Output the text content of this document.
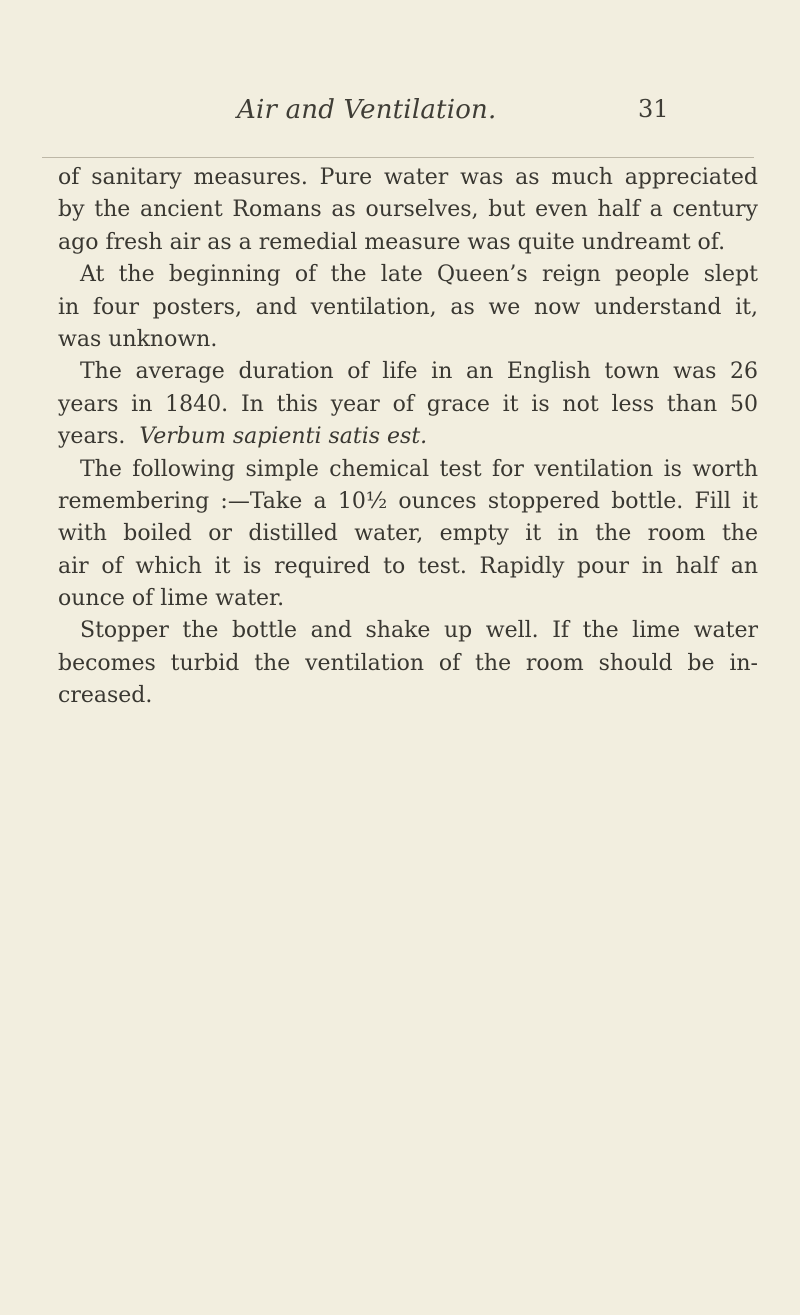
Air and Ventilation.	31
of sanitary measures. Pure water was as much appreciated
by the ancient Romans as ourselves, but even half a century
ago fresh air as a remedial measure was quite undreamt of.
At the beginning of the late Queen’s reign people slept
in four posters, and ventilation, as we now understand it,
was unknown.
The average duration of life in an English town was 26
years in 1840. In this year of grace it is not less than 50
years. Verbum sapienti satis est.
The following simple chemical test for ventilation is worth
remembering :—Take a 10½ ounces stoppered bottle. Fill it
with boiled or distilled water, empty it in the room the
air of which it is required to test. Rapidly pour in half an
ounce of lime water.
Stopper the bottle and shake up well. If the lime water
becomes turbid the ventilation of the room should be in-
creased.
